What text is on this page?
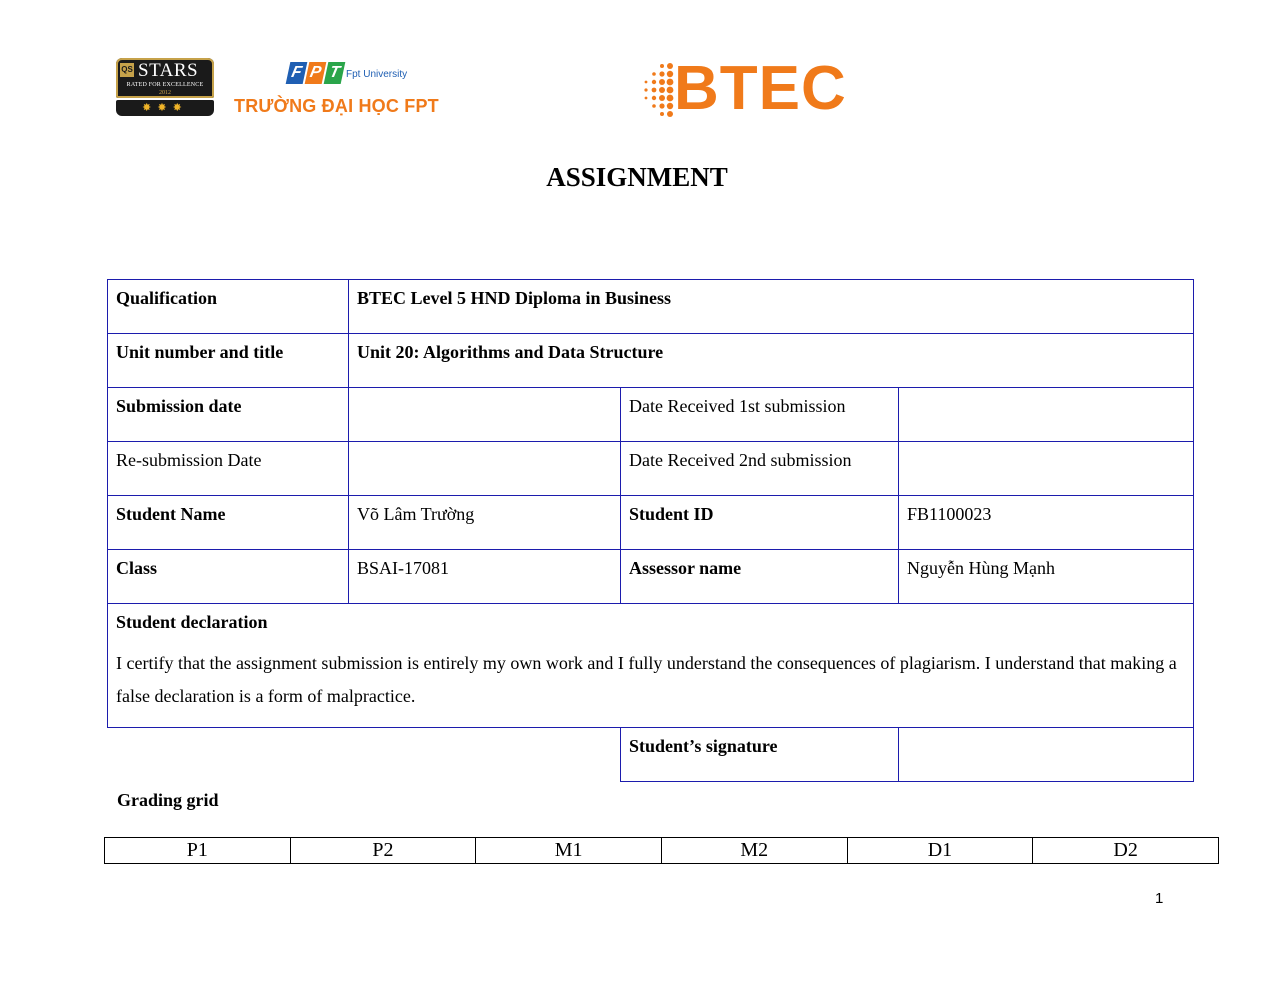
QS STARS
RATED FOR EXCELLENCE
2012
✸✸✸
F P T Fpt University
TRƯỜNG ĐẠI HỌC FPT	BTEC
ASSIGNMENT
Qualification	BTEC Level 5 HND Diploma in Business		
Unit number and title	Unit 20: Algorithms and Data Structure		
Submission date		Date Received 1st submission	
Re-submission Date		Date Received 2nd submission	
Student Name	Võ Lâm Trường	Student ID	FB1100023
Class	BSAI-17081	Assessor name	Nguyễn Hùng Mạnh

Student declaration
I certify that the assignment submission is entirely my own work and I fully understand the consequences of plagiarism. I understand that making a false declaration is a form of malpractice.			

		Student’s signature	
Grading grid
P1	P2	M1	M2	D1	D2
1
